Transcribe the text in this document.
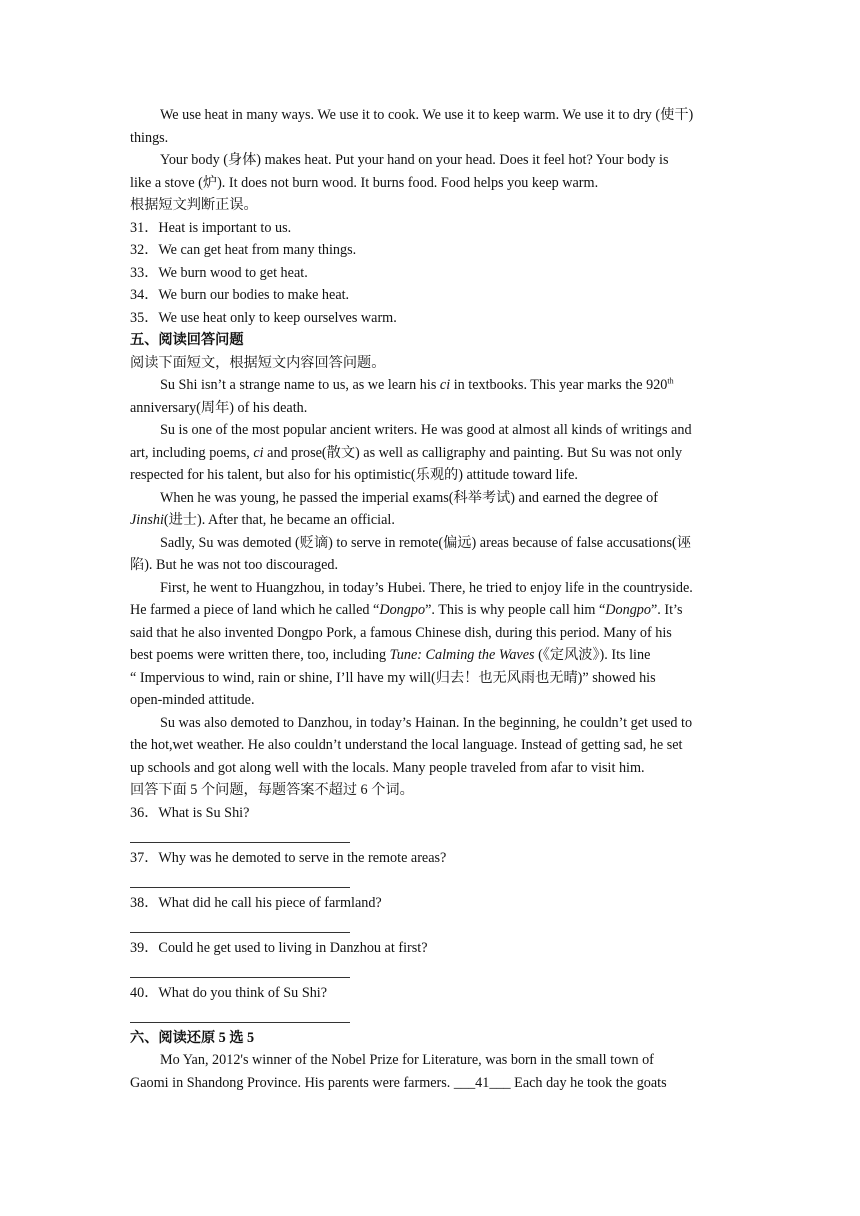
We use heat in many ways. We use it to cook. We use it to keep warm. We use it to dry (使干)
things.
Your body (身体) makes heat. Put your hand on your head. Does it feel hot? Your body is
like a stove (炉). It does not burn wood. It burns food. Food helps you keep warm.
根据短文判断正误。
31．Heat is important to us.
32．We can get heat from many things.
33．We burn wood to get heat.
34．We burn our bodies to make heat.
35．We use heat only to keep ourselves warm.
五、阅读回答问题
阅读下面短文，根据短文内容回答问题。
Su Shi isn’t a strange name to us, as we learn his ci in textbooks. This year marks the 920th
anniversary(周年) of his death.
Su is one of the most popular ancient writers. He was good at almost all kinds of writings and
art, including poems, ci and prose(散文) as well as calligraphy and painting. But Su was not only
respected for his talent, but also for his optimistic(乐观的) attitude toward life.
When he was young, he passed the imperial exams(科举考试) and earned the degree of
Jinshi(进士). After that, he became an official.
Sadly, Su was demoted (贬谪) to serve in remote(偏远) areas because of false accusations(诬
陷). But he was not too discouraged.
First, he went to Huangzhou, in today’s Hubei. There, he tried to enjoy life in the countryside.
He farmed a piece of land which he called “Dongpo”. This is why people call him “Dongpo”. It’s
said that he also invented Dongpo Pork, a famous Chinese dish, during this period. Many of his
best poems were written there, too, including Tune: Calming the Waves (《定风波》). Its line
“ Impervious to wind, rain or shine, I’ll have my will(归去！也无风雨也无晴)” showed his
open-minded attitude.
Su was also demoted to Danzhou, in today’s Hainan. In the beginning, he couldn’t get used to
the hot,wet weather. He also couldn’t understand the local language. Instead of getting sad, he set
up schools and got along well with the locals. Many people traveled from afar to visit him.
回答下面 5 个问题，每题答案不超过 6 个词。
36．What is Su Shi?
37．Why was he demoted to serve in the remote areas?
38．What did he call his piece of farmland?
39．Could he get used to living in Danzhou at first?
40．What do you think of Su Shi?
六、阅读还原 5 选 5
Mo Yan, 2012's winner of the Nobel Prize for Literature, was born in the small town of
Gaomi in Shandong Province. His parents were farmers. ___41___ Each day he took the goats
